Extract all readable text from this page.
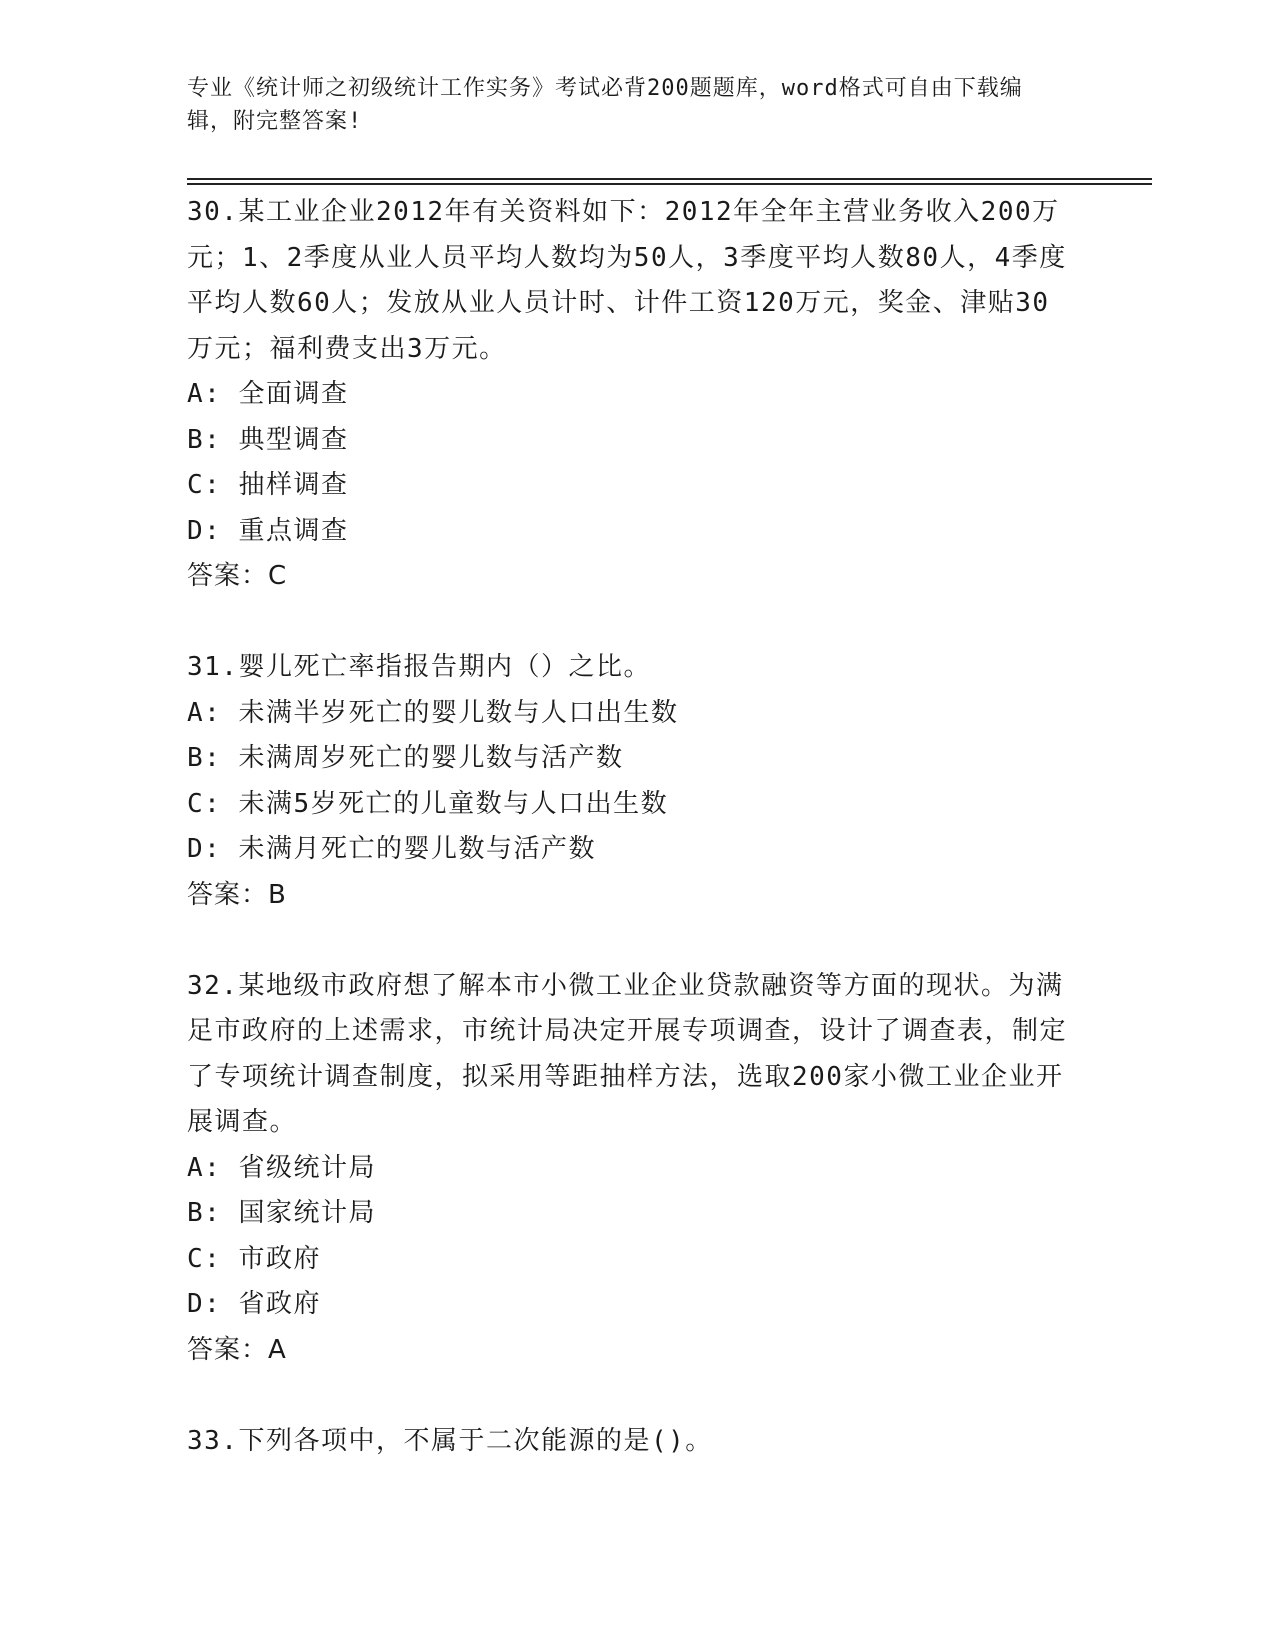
专业《统计师之初级统计工作实务》考试必背200题题库，word格式可自由下载编辑，附完整答案!
30.某工业企业2012年有关资料如下：2012年全年主营业务收入200万元；1、2季度从业人员平均人数均为50人，3季度平均人数80人，4季度平均人数60人；发放从业人员计时、计件工资120万元，奖金、津贴30万元；福利费支出3万元。
A: 全面调查
B: 典型调查
C: 抽样调查
D: 重点调查
答案：C
31.婴儿死亡率指报告期内（）之比。
A: 未满半岁死亡的婴儿数与人口出生数
B: 未满周岁死亡的婴儿数与活产数
C: 未满5岁死亡的儿童数与人口出生数
D: 未满月死亡的婴儿数与活产数
答案：B
32.某地级市政府想了解本市小微工业企业贷款融资等方面的现状。为满足市政府的上述需求，市统计局决定开展专项调查，设计了调查表，制定了专项统计调查制度，拟采用等距抽样方法，选取200家小微工业企业开展调查。
A: 省级统计局
B: 国家统计局
C: 市政府
D: 省政府
答案：A
33.下列各项中，不属于二次能源的是()。
